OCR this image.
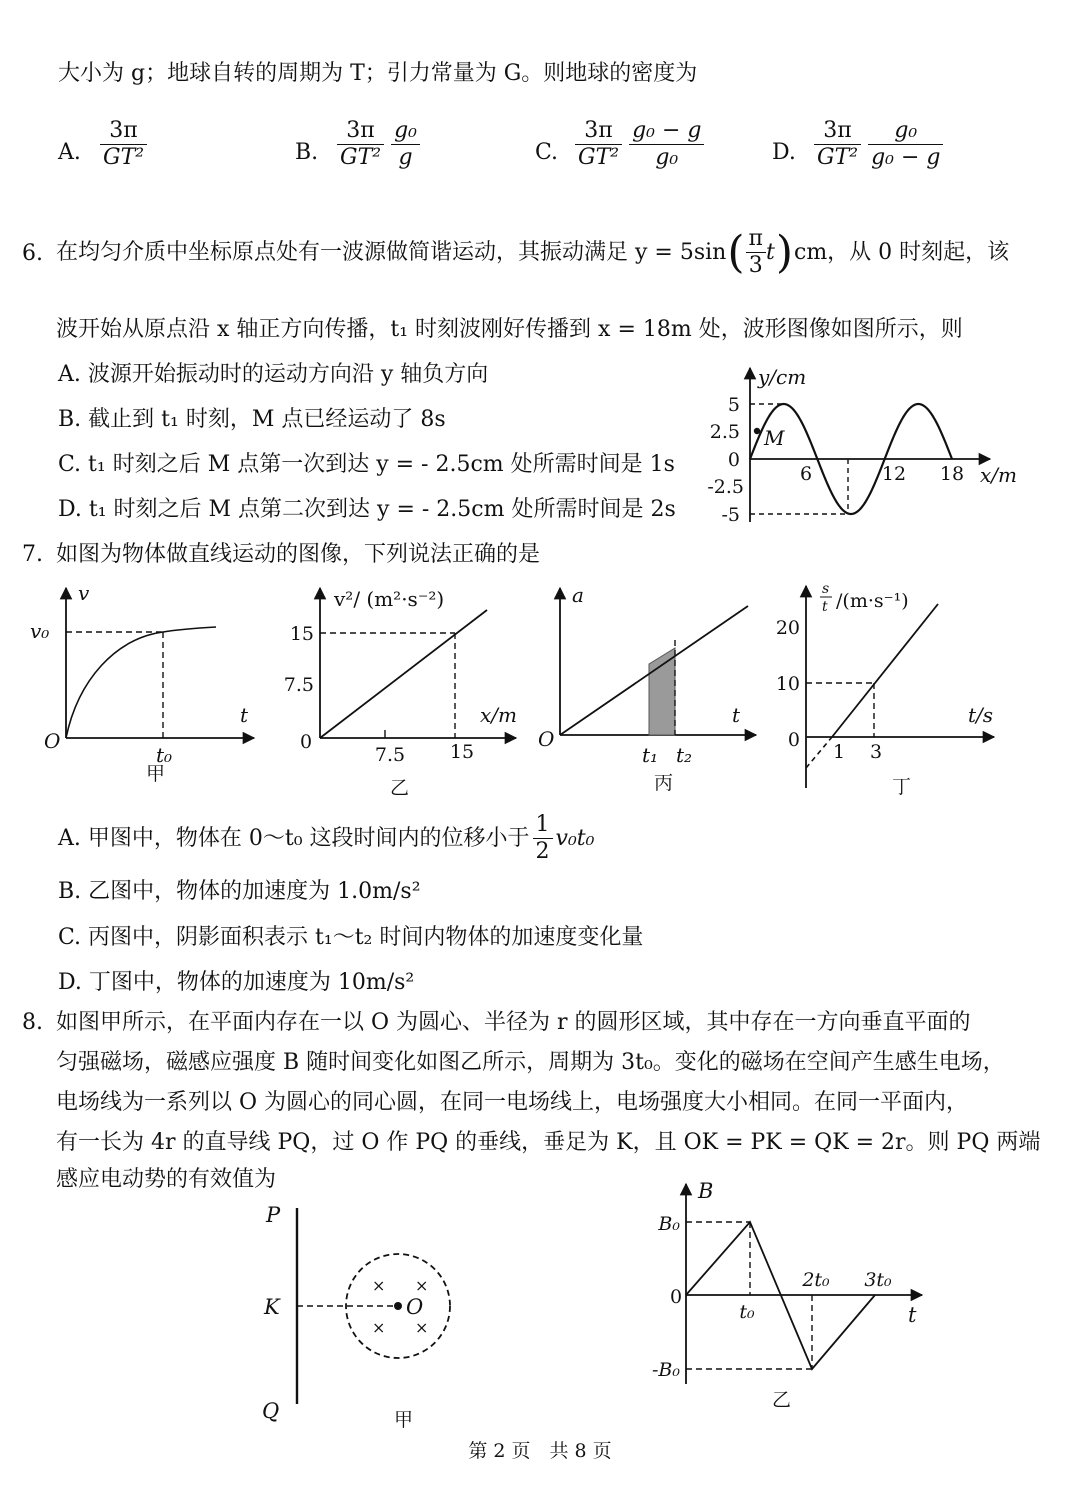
大小为 g；地球自转的周期为 T；引力常量为 G。则地球的密度为
A. $\frac{3\pi}{\text{GT²}}$	B. $\frac{3\pi}{\text{GT²}}$
$\frac{\text{g₀}}{g}$	C. $\frac{3\pi}{\text{GT²}}$
$\frac{\text{g₀ − g}}{\text{g₀}}$	D. $\frac{3\pi}{\text{GT²}}$
$\frac{\text{g₀}}{\text{g₀ − g}}$
6. 在均匀介质中坐标原点处有一波源做简谐运动，其振动满足 y = 5sin ( $\frac{\pi}{3}$ t ) cm，从 0 时刻起，该
波开始从原点沿 x 轴正方向传播，t₁ 时刻波刚好传播到 x = 18m 处，波形图像如图所示，则
A. 波源开始振动时的运动方向沿 y 轴负方向
B. 截止到 t₁ 时刻，M 点已经运动了 8s
C. t₁ 时刻之后 M 点第一次到达 y = - 2.5cm 处所需时间是 1s
D. t₁ 时刻之后 M 点第二次到达 y = - 2.5cm 处所需时间是 2s
y/cm
x/m
5
2.5
0
-2.5
-5
6	12 18
M
7. 如图为物体做直线运动的图像，下列说法正确的是
v
t
O
v₀
t₀
甲
v²/ (m²·s⁻²)
x/m
0
15
7.5
7.5 15
乙
a
t
O
t₁ t₂
丙
s
t /(m·s⁻¹)
t/s
20
10
0
1 3
丁
A.
甲图中，物体在 0～t₀ 这段时间内的位移小于 $\frac{1}{2} v_0t_0$
B. 乙图中，物体的加速度为 1.0m/s²
C. 丙图中，阴影面积表示 t₁～t₂ 时间内物体的加速度变化量
D. 丁图中，物体的加速度为 10m/s²
8. 如图甲所示，在平面内存在一以 O 为圆心、半径为 r 的圆形区域，其中存在一方向垂直平面的
匀强磁场，磁感应强度 B 随时间变化如图乙所示，周期为 3t₀。变化的磁场在空间产生感生电场，
电场线为一系列以 O 为圆心的同心圆，在同一电场线上，电场强度大小相同。在同一平面内，
有一长为 4r 的直导线 PQ，过 O 作 PQ 的垂线，垂足为 K，且 OK = PK = QK = 2r。则 PQ 两端
感应电动势的有效值为
P
K
Q
O
× ×
× ×
甲
B
t
0
B₀
-B₀
t₀
2t₀ 3t₀
乙
第 2 页　共 8 页
